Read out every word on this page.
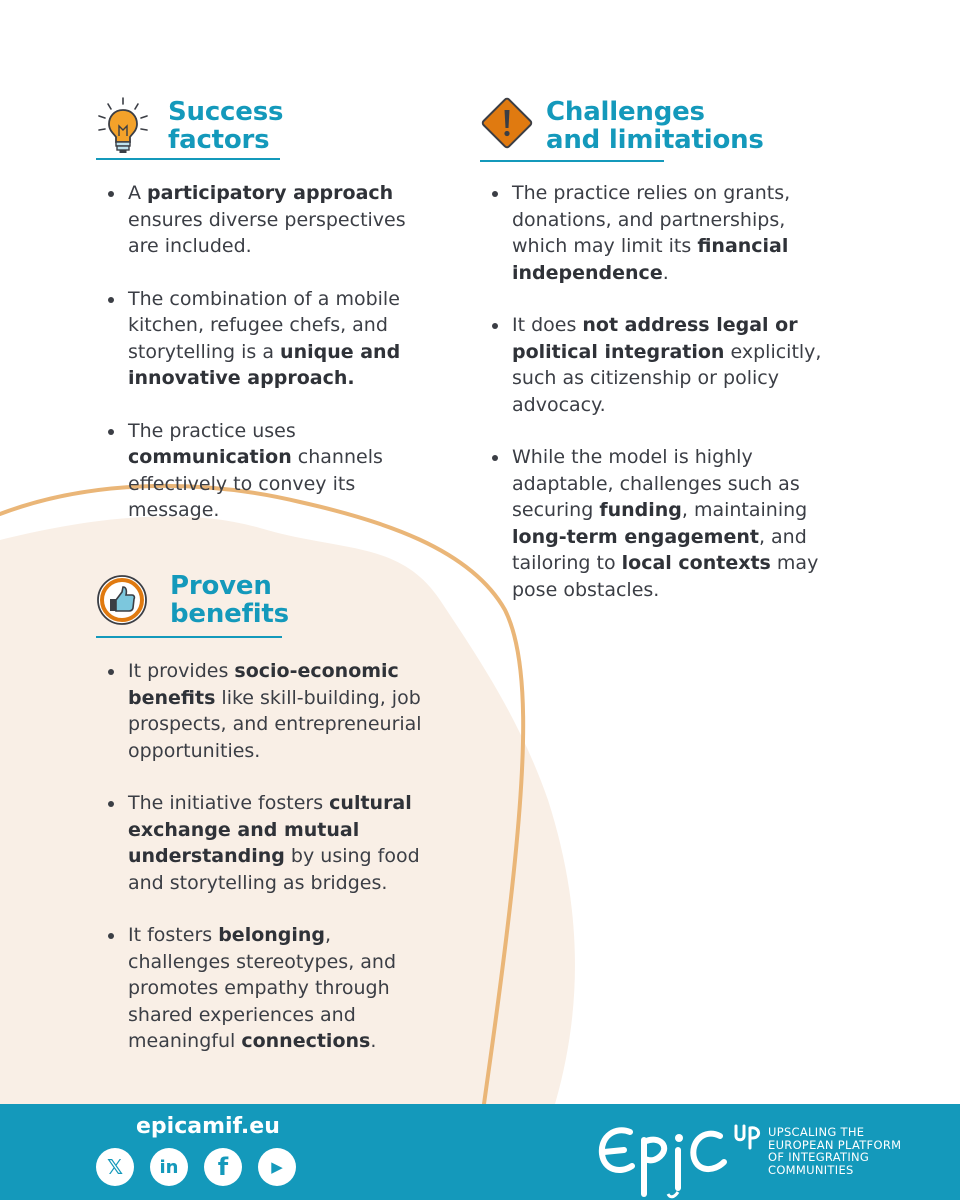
Success
factors
A participatory approach ensures diverse perspectives are included.
The combination of a mobile kitchen, refugee chefs, and storytelling is a unique and innovative approach.
The practice uses communication channels effectively to convey its message.
Challenges
and limitations
The practice relies on grants, donations, and partnerships, which may limit its financial independence.
It does not address legal or political integration explicitly, such as citizenship or policy advocacy.
While the model is highly adaptable, challenges such as securing funding, maintaining long-term engagement, and tailoring to local contexts may pose obstacles.
Proven
benefits
It provides socio-economic benefits like skill-building, job prospects, and entrepreneurial opportunities.
The initiative fosters cultural exchange and mutual understanding by using food and storytelling as bridges.
It fosters belonging, challenges stereotypes, and promotes empathy through shared experiences and meaningful connections.
epicamif.eu
𝕏	in	f	▶
UPSCALING THE
EUROPEAN PLATFORM
OF INTEGRATING
COMMUNITIES
